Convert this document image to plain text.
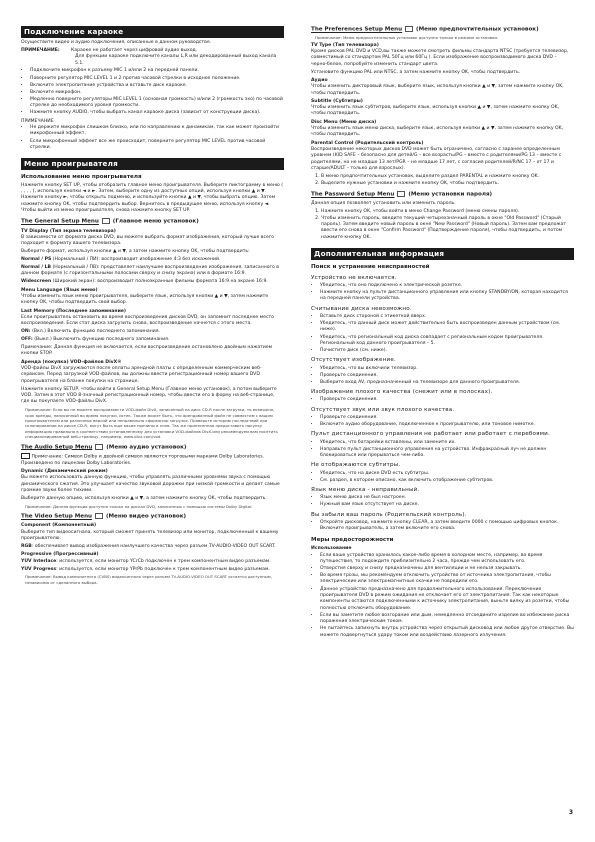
Подключение караоке

Осуществите видео и аудио подключения, описанные в данном руководстве.

ПРИМЕЧАНИЕ:	Караоке не работает через цифровой аудио выход.

Для функции караоке подключите каналы L,R или декодированный выход канала 5.1.

• Подключите микрофон к разъему MIC 1 и/или 2 на передней панели.
• Поверните регулятор MIC LEVEL 1 и 2 против часовой стрелки в исходное положение.
• Включите электропитание устройства и вставьте диск караоке.
• Включите микрофон.
• Медленно поверните регуляторы MIC LEVEL 1 (основная громкость) и/или 2 (громкость эхо) по часовой стрелке до необходимого уровня громкости.
• Нажмите кнопку AUDIO, чтобы выбрать канал караоке диска (зависит от конструкции диска).

ПРИМЕЧАНИЕ

• Не держите микрофон слишком близко, или по направлению к динамикам, так как может произойти микрофонный эффект.
• Если микрофонный эффект все же происходит, поверните регулятор MIC LEVEL против часовой стрелки.
Меню проигрывателя
Использование меню проигрывателя

Нажмите кнопку SET UP, чтобы отобразить главное меню проигрывателя. Выберите пиктограмму в меню ( , , , , ), используя кнопки ◄ и ►. Затем, выберите одну из доступных опций, используя кнопки ▲ и ▼. Нажмите кнопку ►, чтобы открыть подменю, и используйте кнопки ▲ и ▼, чтобы выбрать опцию. Затем нажмите кнопку OK, чтобы подтвердить выбор. Вернитесь в предыдущее меню, используя кнопку ◄. Чтобы выйти из меню проигрывателя, снова нажмите кнопку SET UP.

The General Setup Menu (Главное меню установок)

TV Display (Тип экрана телевизора)

В зависимости от формата диска DVD, вы можете выбрать формат изображения, который лучше всего подходит к формату вашего телевизора.

Выберите формат, используя кнопки ▲ и ▼, а затем нажмите кнопку OK, чтобы подтвердить:

Normal / PS (Нормальный / ПИ): воспроизводит изображение 4:3 без искажений.

Normal / LB (Нормальный / ПВ): представляет наилучшее воспроизведение изображения, записанного в данном формате (с горизонтальными полосами сверху и снизу экрана) или в формате 16:9.

Widescreen (Широкий экран): воспроизводит полноэкранные фильмы формата 16:9 на экране 16:9.

Menu Language (Язык меню)

Чтобы изменить язык меню проигрывателя, выберите язык, используя кнопки ▲ и ▼, затем нажмите кнопку OK, чтобы подтвердить свой выбор.

Last Memory (Последнее запоминание)

Если проигрыватель остановить во время воспроизведения дисков DVD, он запомнит последнее место воспроизведения. Если стат диска загрузить снова, воспроизведение начнется с этого места.

ON: (Вкл.) Включить функцию последнего запоминания.

OFF: (Выкл.) Выключить функцию последнего запоминания.

Примечание: Данная функция не включается, если воспроизведение остановлено двойным нажатием кнопки STOP.

Аренда (покупка) VOD-файлов DivX®

VOD-файлы DivX загружаются после оплаты арендной платы с определенным коммерческим веб-сервисом. Перед загрузкой VOD-файлов, вы должны ввести регистрационный номер вашего DVD проигрывателя на бланке покупки на странице.

Нажмите кнопку SETUP, чтобы войти в General Setup Menu (Главное меню установок), а потом выберите VOD. Затем в этот VOD 8-значный регистрационный номер, чтобы ввести его в форму на веб-странице, где вы покупаете VOD-файлы DivX.

Примечание: Если вы не можете воспроизвести VOD-файл DivX, записанный на диск CD-R после загрузки, то возможно, срок аренды, написанный во время покупки, истек. Также может быть, что арендованный файл не совместим с вашим проигрывателем или различных версий или неправильно сформатир загрузке. Проверьте историю последствий при склонировании на диске CD-R, могут быть еще какие причины в этом. Так же принесенная предоставить покупку информацию правильно в соответствии установленному для установки VOD-файлов DivX.или рекомендуем вам посетить специализированный веб-страницу, например, www.divx.com/vod.

The Audio Setup Menu (Меню аудио установок)

Примечание: Символ Dolby и двойной символ являются торговыми марками Dolby Laboratories. Произведено по лицензии Dolby Laboratories.

Dynamic (Динамический режим)

Вы можете использовать данную функцию, чтобы управлять различными уровнями звука с помощью динамического сжатия. Это улучшает качество звуковой дорожки при низкой громкости и делает самые громкие звуки более тихими.

Выберите данную опцию, используя кнопки ▲ и ▼, а затем нажмите кнопку OK, чтобы подтвердить.

Примечание: Данная функция доступна только на дисках DVD, записанных с помощью системы Dolby Digital.

The Video Setup Menu (Меню видео установок)

Component (Компонентный)

Выберите тип видеосигнала, который сможет принять телевизор или монитор, подключенный к вашему проигрывателю.

RGB: обеспечивает вывод изображения наилучшего качества через разъем TV-AUDIO-VIDEO OUT SCART.

Progressive (Прогрессивный)

YUV Interlace: используется, если монитор YCrCb подключен к трем компонентным видео разъемам.

YUV Progress: используется, если монитор YPrPb подключен к трем компонентным видео разъемам.

Примечание: Вывод композитного (CVBS) видеосигнала через разъем TV-AUDIO-VIDEO OUT SCART остается доступным, независимо от сделанного выбора.

The Preferences Setup Menu (Меню предпочтительных установок)

Примечание: Меню предпочтительных установок доступно только в режиме остановки.

TV Type (Тип телевизора)

Кроме дисков PAL DVD и VCD,вы также можете смотреть фильмы стандарта NTSC (требуется телевизор, совместимый со стандартом PAL 50Гц или 60Гц ). Если изображение воспроизводимого диска DVD – черно-белое, попробуйте изменить стандарт цвета.

Установите функцию PAL или NTSC, а затем нажмите кнопку OK, чтобы подтвердить.

Аудио

Чтобы изменить дикторовый язык, выберите язык, используя кнопки ▲ и ▼, затем нажмите кнопку OK, чтобы подтвердить.

Subtitle (Субтитры)

Чтобы изменить язык субтитров, выберите язык, используя кнопки ▲ и ▼, затем нажмите кнопку OK, чтобы подтвердить.

Disc Menu (Меню диска)

Чтобы изменить язык меню диска, выберите язык, используя кнопки ▲ и ▼, затем нажмите кнопку OK, чтобы подтвердить.

Parental Control (Родительский контроль)

Воспроизведение некоторых дисков DVD может быть ограничено, согласно с заранее определенным уровнем (KID SAFE – безопасно для детей/G – все возрасты/PG – вместе с родителями/PG 13 – вместе с родителями, но не младше 13 лет/PGR – не младше 17 лет, с согласия родителей/R/NC 17 – от 17 и старше/ADULT – только для взрослых).

1. В меню предпочтительных установок, выделите раздел PARENTAL и нажмите кнопку OK.
2. Выделите нужные установки и нажмите кнопку OK, чтобы подтвердить.
The Password Setup Menu (Меню установки пароля)

Данная опция позволяет установить или изменить пароль.

1. Нажмите кнопку OK, чтобы войти в меню Change Password (меню смены пароля).
2. Чтобы изменить пароль, введите текущий четырехзначный пароль в окне "Old Password" (Старый пароль). Затем введите новый пароль в окне "New Password" (Новый пароль). Затем вам предложат ввести его снова в окне "Confirm Password" (Подтверждение пароля), чтобы подтвердить, и потом нажмите кнопку OK.
Дополнительная информация
Поиск и устранение неисправностей
Устройство не включается.
• Убедитесь, что оно подключено к электрической розетке.
• Нажмите кнопку на пульте дистанционного управления или кнопку STANDBY/ON, которая находится на передней панели устройства.
Считывание диска невозможно.
• Вставьте диск стороной с этикеткой вверх.
• Убедитесь, что данный диск может действительно быть воспроизведен данным устройством (см. ниже).
• Убедитесь, что региональный код диска совпадает с региональным кодом проигрывателя. Региональный код данного проигрывателя – 5.
• Почистите диск (см. ниже).
Отсутствует изображение.
• Убедитесь, что вы включили телевизор.
• Проверьте соединения.
• Выберите вход AV, предназначенный на телевизоре для данного проигрывателя.
Изображение плохого качества (снежит или в полосках).
• Проверьте соединения.
Отсутствует звук или звук плохого качества.
• Проверьте соединения.
• Включите аудио оборудование, подключенное к проигрывателю, или тоновое нимотке.
Пульт дистанционного управления не работает или работает с перебоями.
• Убедитесь, что батарейки вставлены, или замените их.
• Направьте пульт дистанционного управления на устройство. Инфракрасный луч не должен блокироваться или прерываться чем-либо.
Не отображаются субтитры.
• Убедитесь, что на диске DVD есть субтитры.
• См. раздел, в котором описано, как включить отображение субтитров.
Язык меню диска - неправильный.
• Язык меню диска не был настроен.
• Нужный вам язык отсутствует на диске.
Вы забыли ваш пароль (Родительский контроль).
• Откройте дисковод, нажмите кнопку CLEAR, а затем введите 0000 с помощью цифровых кнопок. Включите проигрыватель, а затем включите его снова.
Меры предосторожности

Использование

• Если ваше устройство хранилось какое-либо время в холодном месте, например, во время путешествия, то подождите приблизительно 2 часа, прежде чем использовать его.
• Отверстия сверху и снизу предназначены для вентиляции и не нельзя закрывать.
• Во время грозы, мы рекомендуем отключить устройство от источника электропитания, чтобы электрические или электромагнитные скачки не повредили его.
• Данное устройство предназначено для продолжительного использования. Переключение проигрывателя DVD в режим ожидания не отключает его от электропитания. Так как некоторые компоненты остаются подключенными к источнику электропитания, выньте вилку из розетки, чтобы полностью отключить оборудование.
• Если вы заметите любое возгорание или дым, немедленно отсоедините изделие во избежание риска поражения электрическим током.
• Не пытайтесь запихнуть внутрь устройства через открытый дисковод или любое другое отверстие. Вы можете подвергнуться удару током или воздействию лазерного излучения.
3
